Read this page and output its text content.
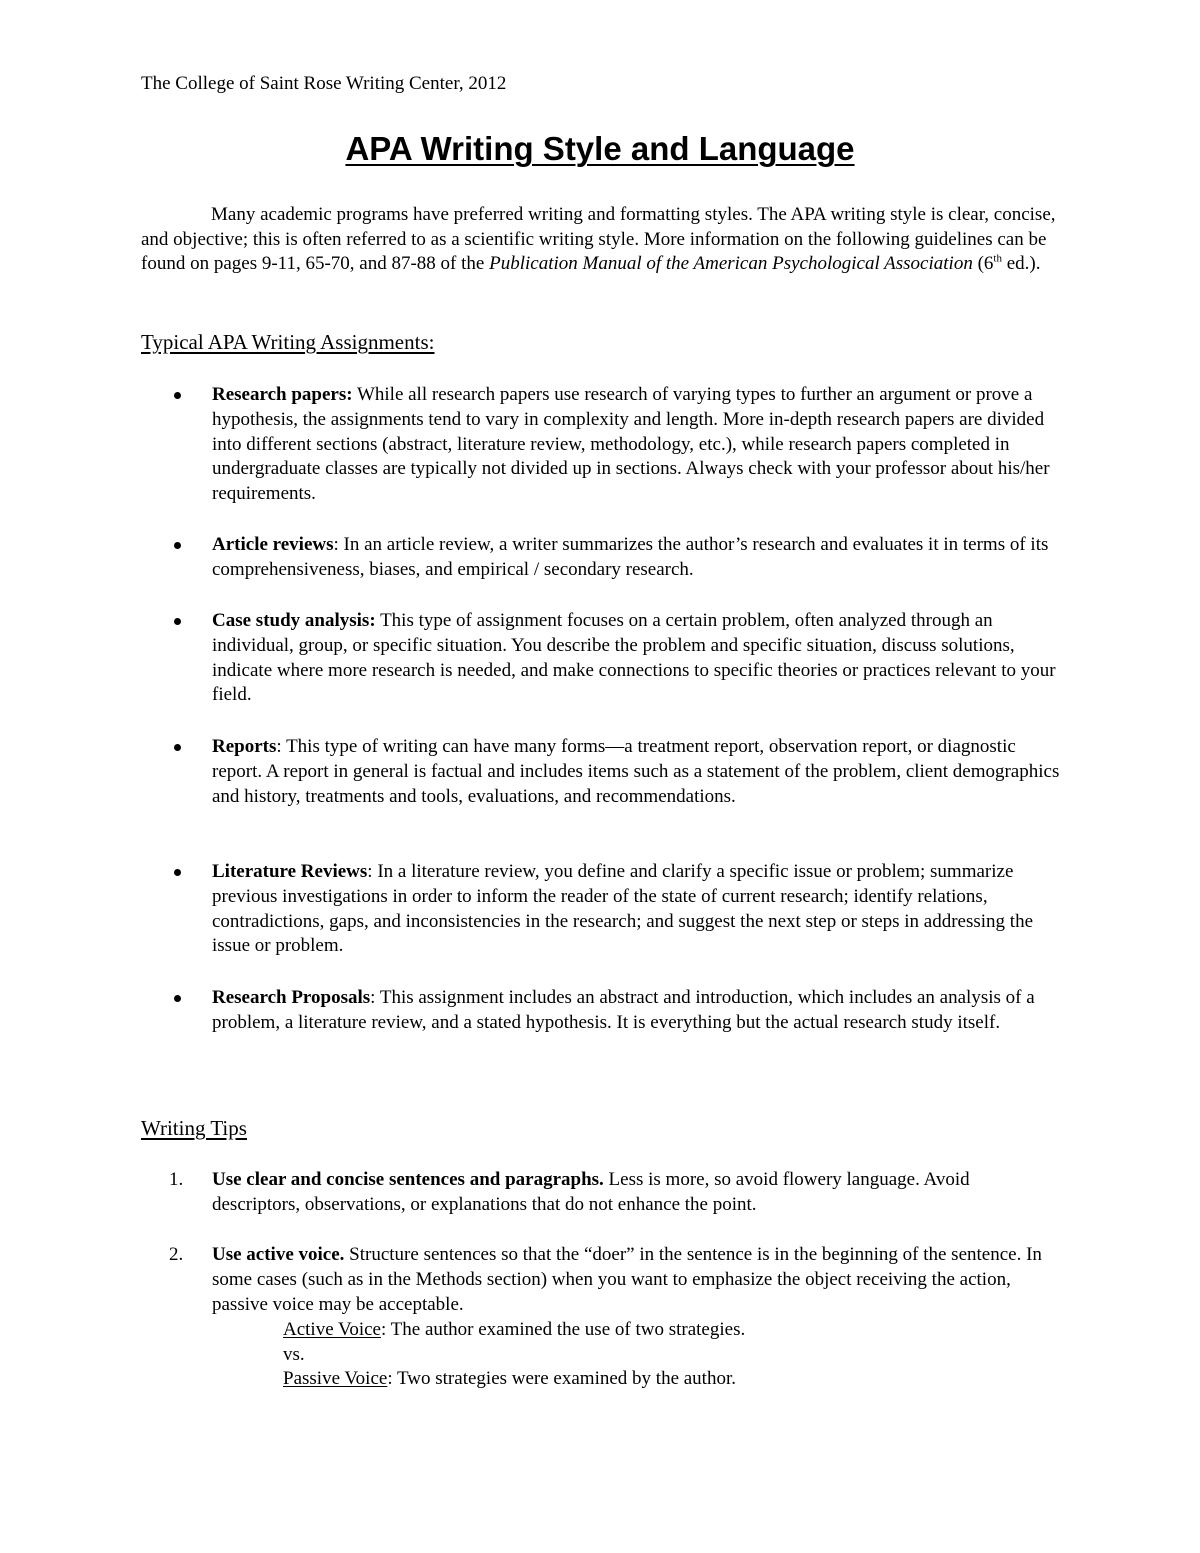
The College of Saint Rose Writing Center, 2012
APA Writing Style and Language

Many academic programs have preferred writing and formatting styles. The APA writing style is clear, concise, and objective; this is often referred to as a scientific writing style. More information on the following guidelines can be found on pages 9-11, 65-70, and 87-88 of the Publication Manual of the American Psychological Association (6th ed.).

Typical APA Writing Assignments:

Research papers: While all research papers use research of varying types to further an argument or prove a hypothesis, the assignments tend to vary in complexity and length. More in-depth research papers are divided into different sections (abstract, literature review, methodology, etc.), while research papers completed in undergraduate classes are typically not divided up in sections. Always check with your professor about his/her requirements.

Article reviews: In an article review, a writer summarizes the author’s research and evaluates it in terms of its comprehensiveness, biases, and empirical / secondary research.

Case study analysis: This type of assignment focuses on a certain problem, often analyzed through an individual, group, or specific situation. You describe the problem and specific situation, discuss solutions, indicate where more research is needed, and make connections to specific theories or practices relevant to your field.

Reports: This type of writing can have many forms—a treatment report, observation report, or diagnostic report. A report in general is factual and includes items such as a statement of the problem, client demographics and history, treatments and tools, evaluations, and recommendations.

Literature Reviews: In a literature review, you define and clarify a specific issue or problem; summarize previous investigations in order to inform the reader of the state of current research; identify relations, contradictions, gaps, and inconsistencies in the research; and suggest the next step or steps in addressing the issue or problem.

Research Proposals: This assignment includes an abstract and introduction, which includes an analysis of a problem, a literature review, and a stated hypothesis. It is everything but the actual research study itself.

Writing Tips

1. Use clear and concise sentences and paragraphs. Less is more, so avoid flowery language. Avoid descriptors, observations, or explanations that do not enhance the point.

2. Use active voice. Structure sentences so that the “doer” in the sentence is in the beginning of the sentence. In some cases (such as in the Methods section) when you want to emphasize the object receiving the action, passive voice may be acceptable.

Active Voice: The author examined the use of two strategies.

vs.

Passive Voice: Two strategies were examined by the author.
